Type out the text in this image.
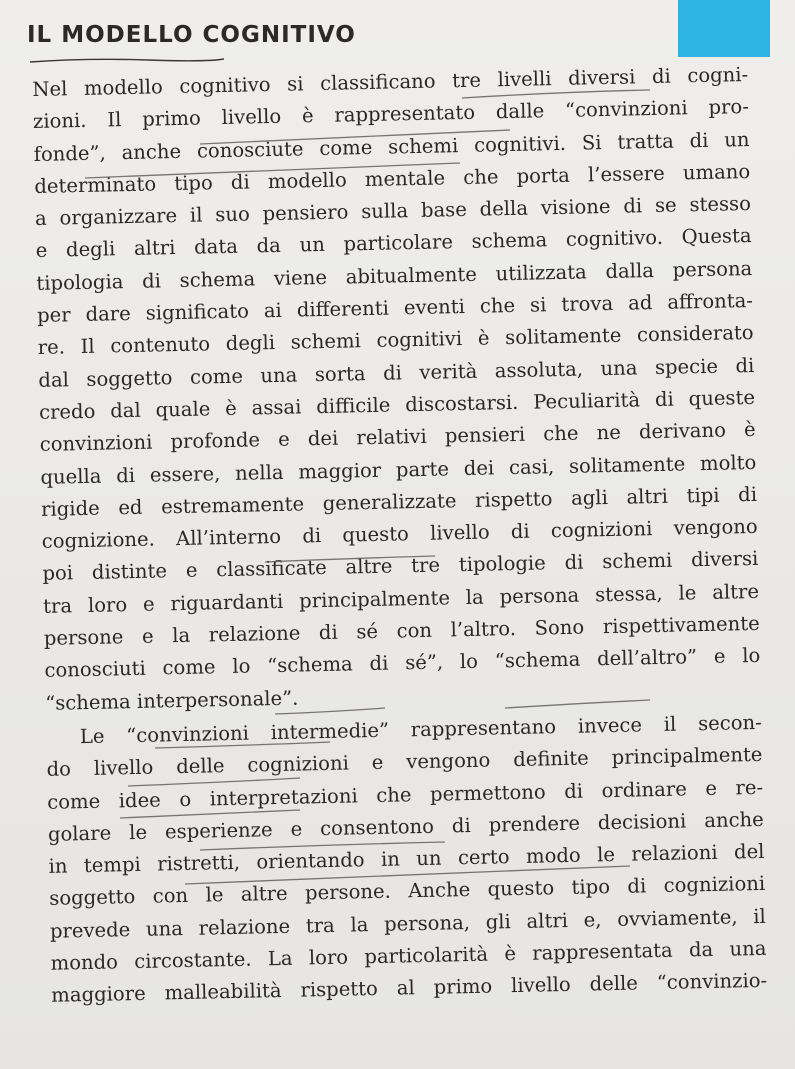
IL MODELLO COGNITIVO
Nel modello cognitivo si classificano tre livelli diversi di cogni-
zioni. Il primo livello è rappresentato dalle “convinzioni pro-
fonde”, anche conosciute come schemi cognitivi. Si tratta di un
determinato tipo di modello mentale che porta l’essere umano
a organizzare il suo pensiero sulla base della visione di se stesso
e degli altri data da un particolare schema cognitivo. Questa
tipologia di schema viene abitualmente utilizzata dalla persona
per dare significato ai differenti eventi che si trova ad affronta-
re. Il contenuto degli schemi cognitivi è solitamente considerato
dal soggetto come una sorta di verità assoluta, una specie di
credo dal quale è assai difficile discostarsi. Peculiarità di queste
convinzioni profonde e dei relativi pensieri che ne derivano è
quella di essere, nella maggior parte dei casi, solitamente molto
rigide ed estremamente generalizzate rispetto agli altri tipi di
cognizione. All’interno di questo livello di cognizioni vengono
poi distinte e classificate altre tre tipologie di schemi diversi
tra loro e riguardanti principalmente la persona stessa, le altre
persone e la relazione di sé con l’altro. Sono rispettivamente
conosciuti come lo “schema di sé”, lo “schema dell’altro” e lo
“schema interpersonale”.
Le “convinzioni intermedie” rappresentano invece il secon-
do livello delle cognizioni e vengono definite principalmente
come idee o interpretazioni che permettono di ordinare e re-
golare le esperienze e consentono di prendere decisioni anche
in tempi ristretti, orientando in un certo modo le relazioni del
soggetto con le altre persone. Anche questo tipo di cognizioni
prevede una relazione tra la persona, gli altri e, ovviamente, il
mondo circostante. La loro particolarità è rappresentata da una
maggiore malleabilità rispetto al primo livello delle “convinzio-
